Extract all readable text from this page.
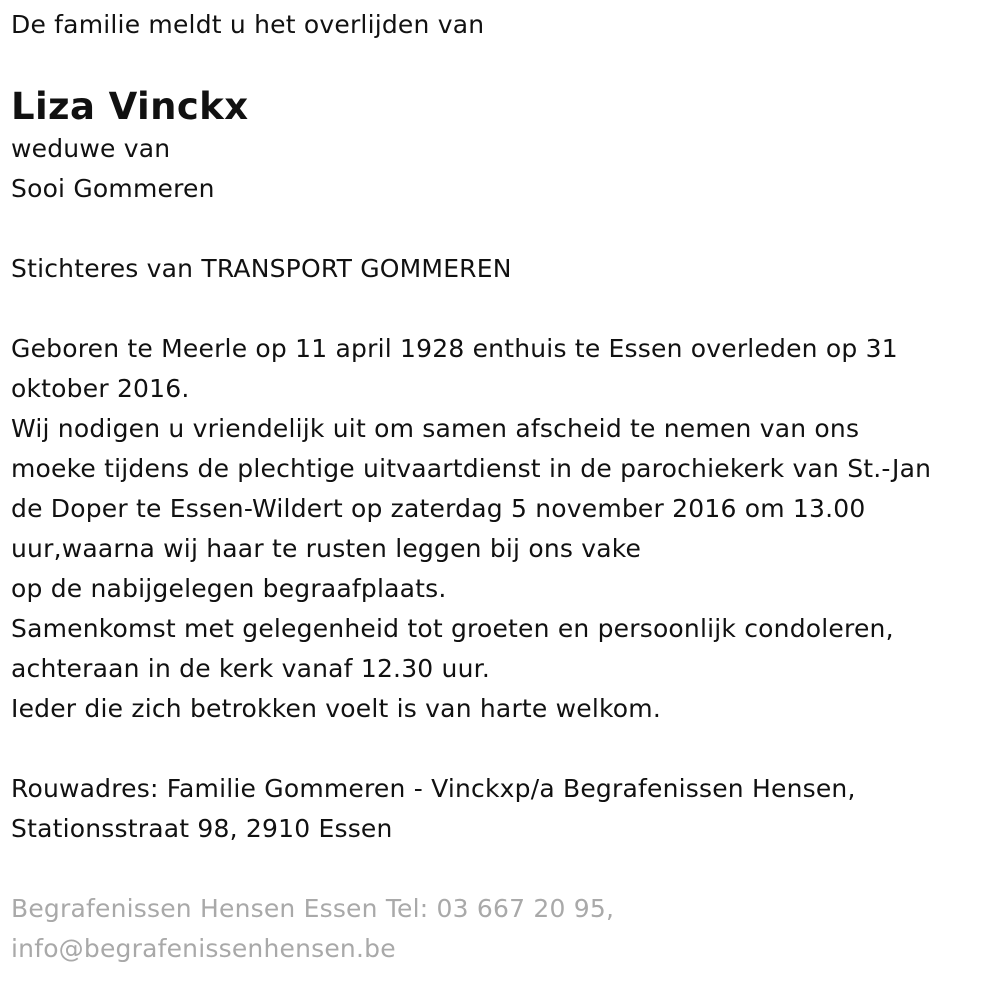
De familie meldt u het overlijden van
Liza Vinckx
weduwe van
Sooi Gommeren
Stichteres van TRANSPORT GOMMEREN
Geboren te Meerle op 11 april 1928 enthuis te Essen overleden op 31
oktober 2016.
Wij nodigen u vriendelijk uit om samen afscheid te nemen van ons
moeke tijdens de plechtige uitvaartdienst in de parochiekerk van St.-Jan
de Doper te Essen-Wildert op zaterdag 5 november 2016 om 13.00
uur,waarna wij haar te rusten leggen bij ons vake
op de nabijgelegen begraafplaats.
Samenkomst met gelegenheid tot groeten en persoonlijk condoleren,
achteraan in de kerk vanaf 12.30 uur.
Ieder die zich betrokken voelt is van harte welkom.
Rouwadres: Familie Gommeren - Vinckxp/a Begrafenissen Hensen,
Stationsstraat 98, 2910 Essen
Begrafenissen Hensen Essen Tel: 03 667 20 95,
info@begrafenissenhensen.be
